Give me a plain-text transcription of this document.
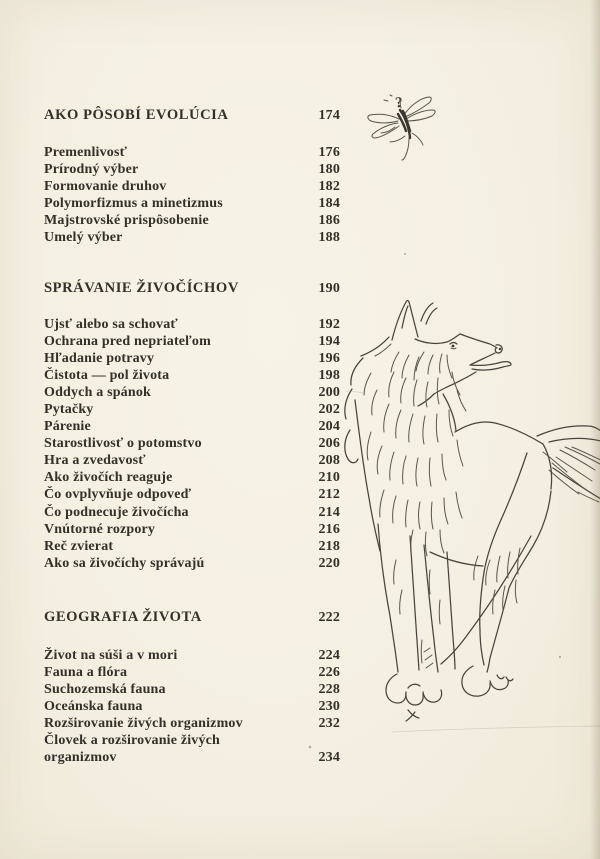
?
AKO PÔSOBÍ EVOLÚCIA	174
Premenlivosť	176
Prírodný výber	180
Formovanie druhov	182
Polymorfizmus a minetizmus	184
Majstrovské prispôsobenie	186
Umelý výber	188
SPRÁVANIE ŽIVOČÍCHOV	190
Ujsť alebo sa schovať	192
Ochrana pred nepriateľom	194
Hľadanie potravy	196
Čistota — pol života	198
Oddych a spánok	200
Pytačky	202
Párenie	204
Starostlivosť o potomstvo	206
Hra a zvedavosť	208
Ako živočích reaguje	210
Čo ovplyvňuje odpoveď	212
Čo podnecuje živočícha	214
Vnútorné rozpory	216
Reč zvierat	218
Ako sa živočíchy správajú	220
GEOGRAFIA ŽIVOTA	222
Život na súši a v mori	224
Fauna a flóra	226
Suchozemská fauna	228
Oceánska fauna	230
Rozširovanie živých organizmov	232
Človek a rozširovanie živých
organizmov	234
